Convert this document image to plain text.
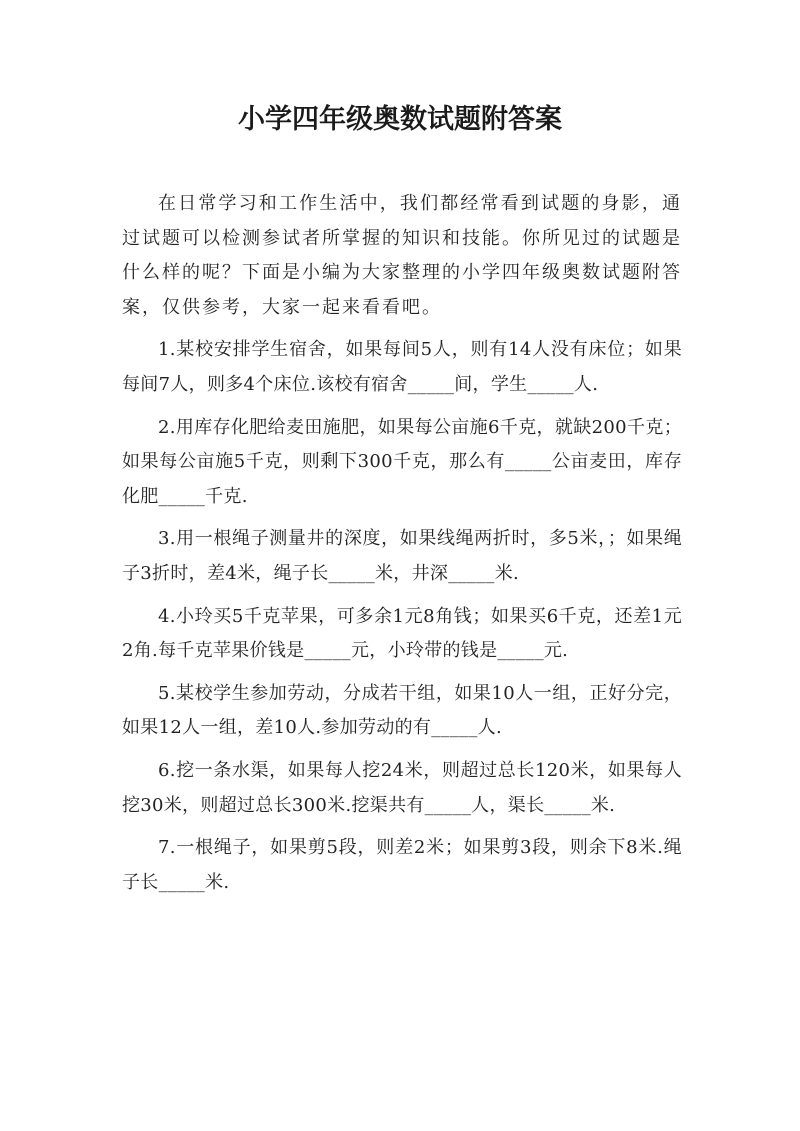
小学四年级奥数试题附答案

在日常学习和工作生活中，我们都经常看到试题的身影，通过试题可以检测参试者所掌握的知识和技能。你所见过的试题是什么样的呢？下面是小编为大家整理的小学四年级奥数试题附答案，仅供参考，大家一起来看看吧。

1.某校安排学生宿舍，如果每间5人，则有14人没有床位；如果每间7人，则多4个床位.该校有宿舍_____间，学生_____人.

2.用库存化肥给麦田施肥，如果每公亩施6千克，就缺200千克；如果每公亩施5千克，则剩下300千克，那么有_____公亩麦田，库存化肥_____千克.

3.用一根绳子测量井的深度，如果线绳两折时，多5米，；如果绳子3折时，差4米，绳子长_____米，井深_____米.

4.小玲买5千克苹果，可多余1元8角钱；如果买6千克，还差1元2角.每千克苹果价钱是_____元，小玲带的钱是_____元.

5.某校学生参加劳动，分成若干组，如果10人一组，正好分完，如果12人一组，差10人.参加劳动的有_____人.

6.挖一条水渠，如果每人挖24米，则超过总长120米，如果每人挖30米，则超过总长300米.挖渠共有_____人，渠长_____米.

7.一根绳子，如果剪5段，则差2米；如果剪3段，则余下8米.绳子长_____米.
